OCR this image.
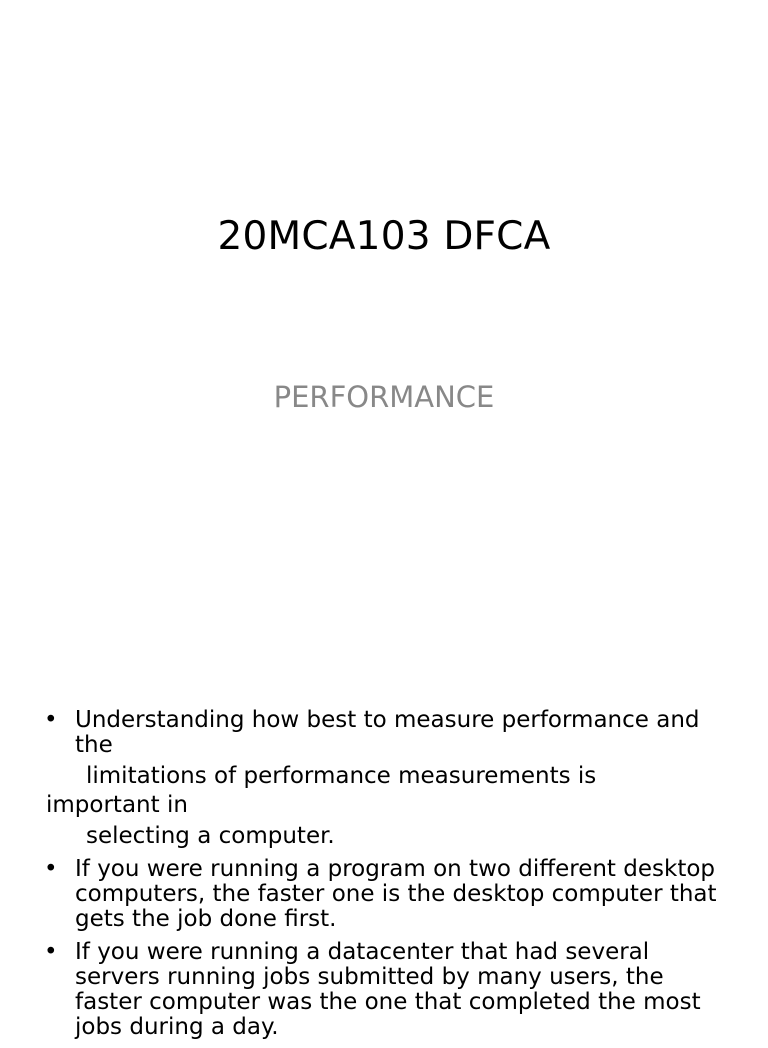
20MCA103 DFCA
PERFORMANCE
• Understanding how best to measure performance and the
limitations of performance measurements is
important in
selecting a computer.
• If you were running a program on two different desktop computers, the faster one is the desktop computer that gets the job done first.
• If you were running a datacenter that had several servers running jobs submitted by many users, the faster computer was the one that completed the most jobs during a day.
